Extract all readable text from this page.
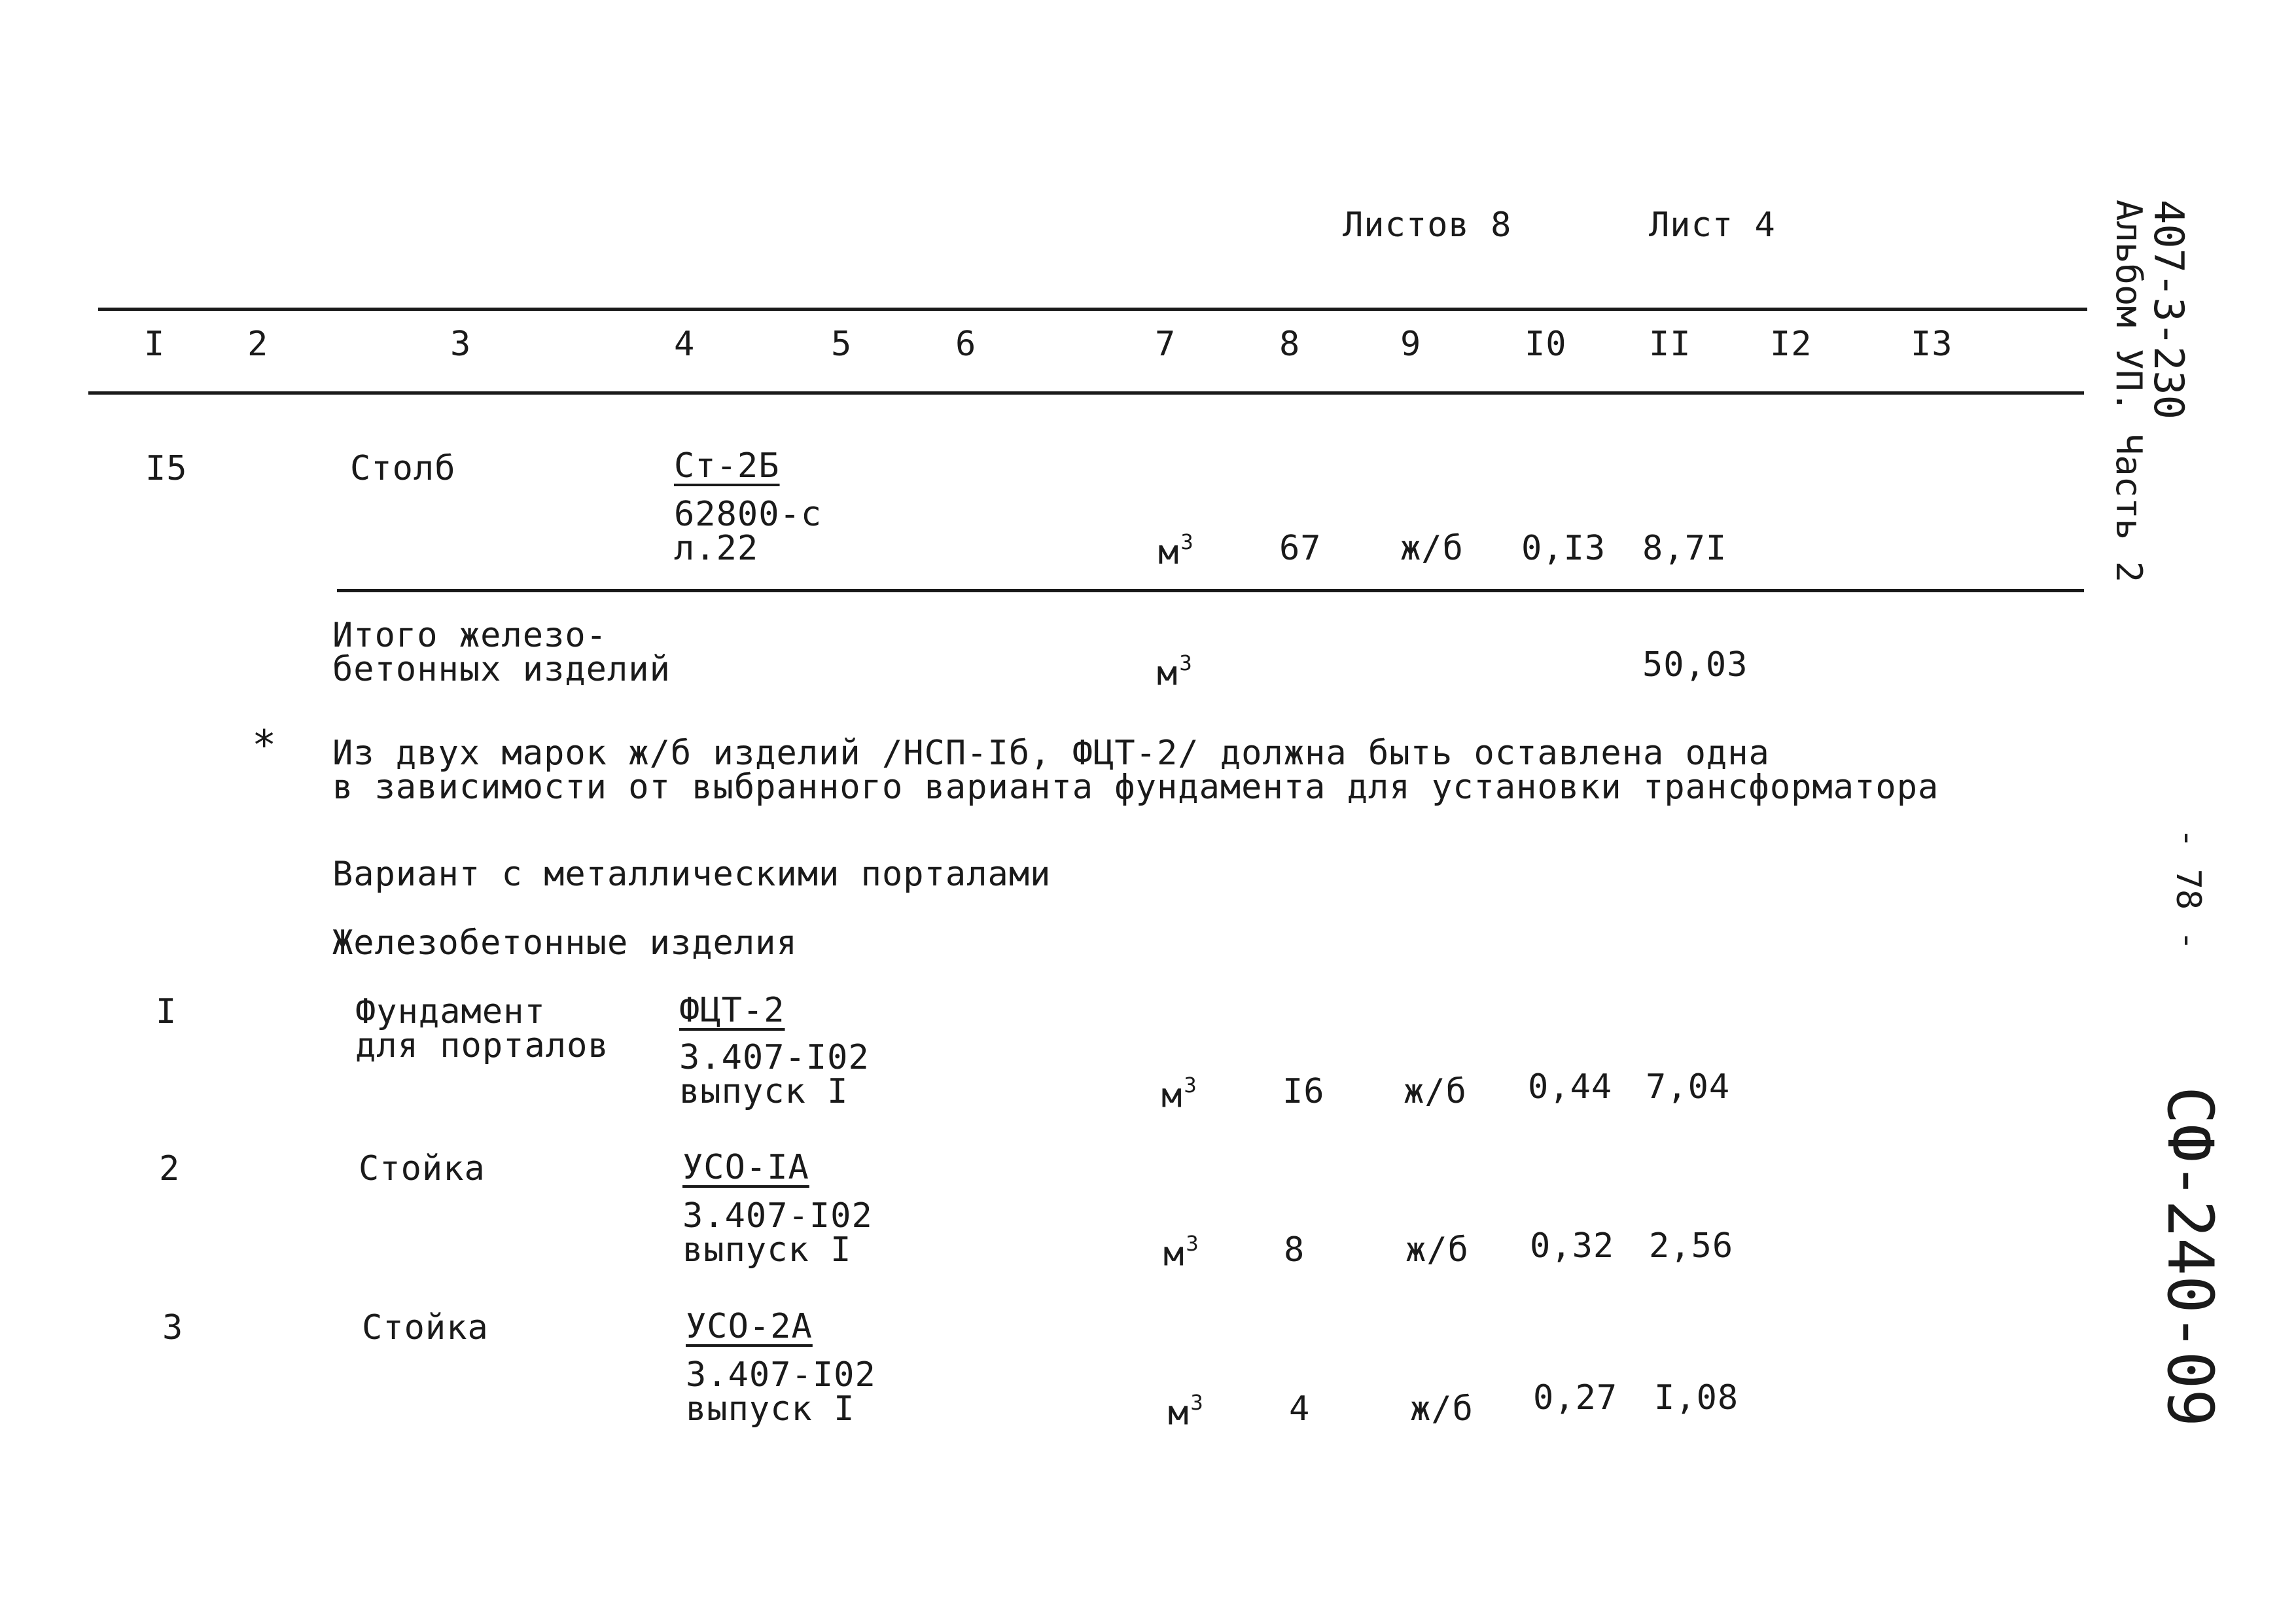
Листов 8	Лист 4	407-3-230
Альбом УП. Часть 2
- 78 -
СФ-240-09
I 2	3	4	5	6	7	8	9	I0 II I2	I3
I5	Столб	Ст-2Б
62800-с
л.22	$м^3$	67 ж/б 0,I3 8,7I
Итого железо-
бетонных изделий	$м^3$	50,03
* Из двух марок ж/б изделий /НСП-Iб, ФЦТ-2/ должна быть оставлена одна
в зависимости от выбранного варианта фундамента для установки трансформатора
Вариант с металлическими порталами
Железобетонные изделия
I	Фундамент
для порталов
ФЦТ-2
3.407-I02
выпуск I	$м^3$	I6 ж/б 0,44 7,04
2	Стойка	УСО-IА
3.407-I02
выпуск I	$м^3$ 8	ж/б 0,32 2,56
3	Стойка	УСО-2А
3.407-I02
выпуск I	$м^3$	4	ж/б 0,27 I,08
